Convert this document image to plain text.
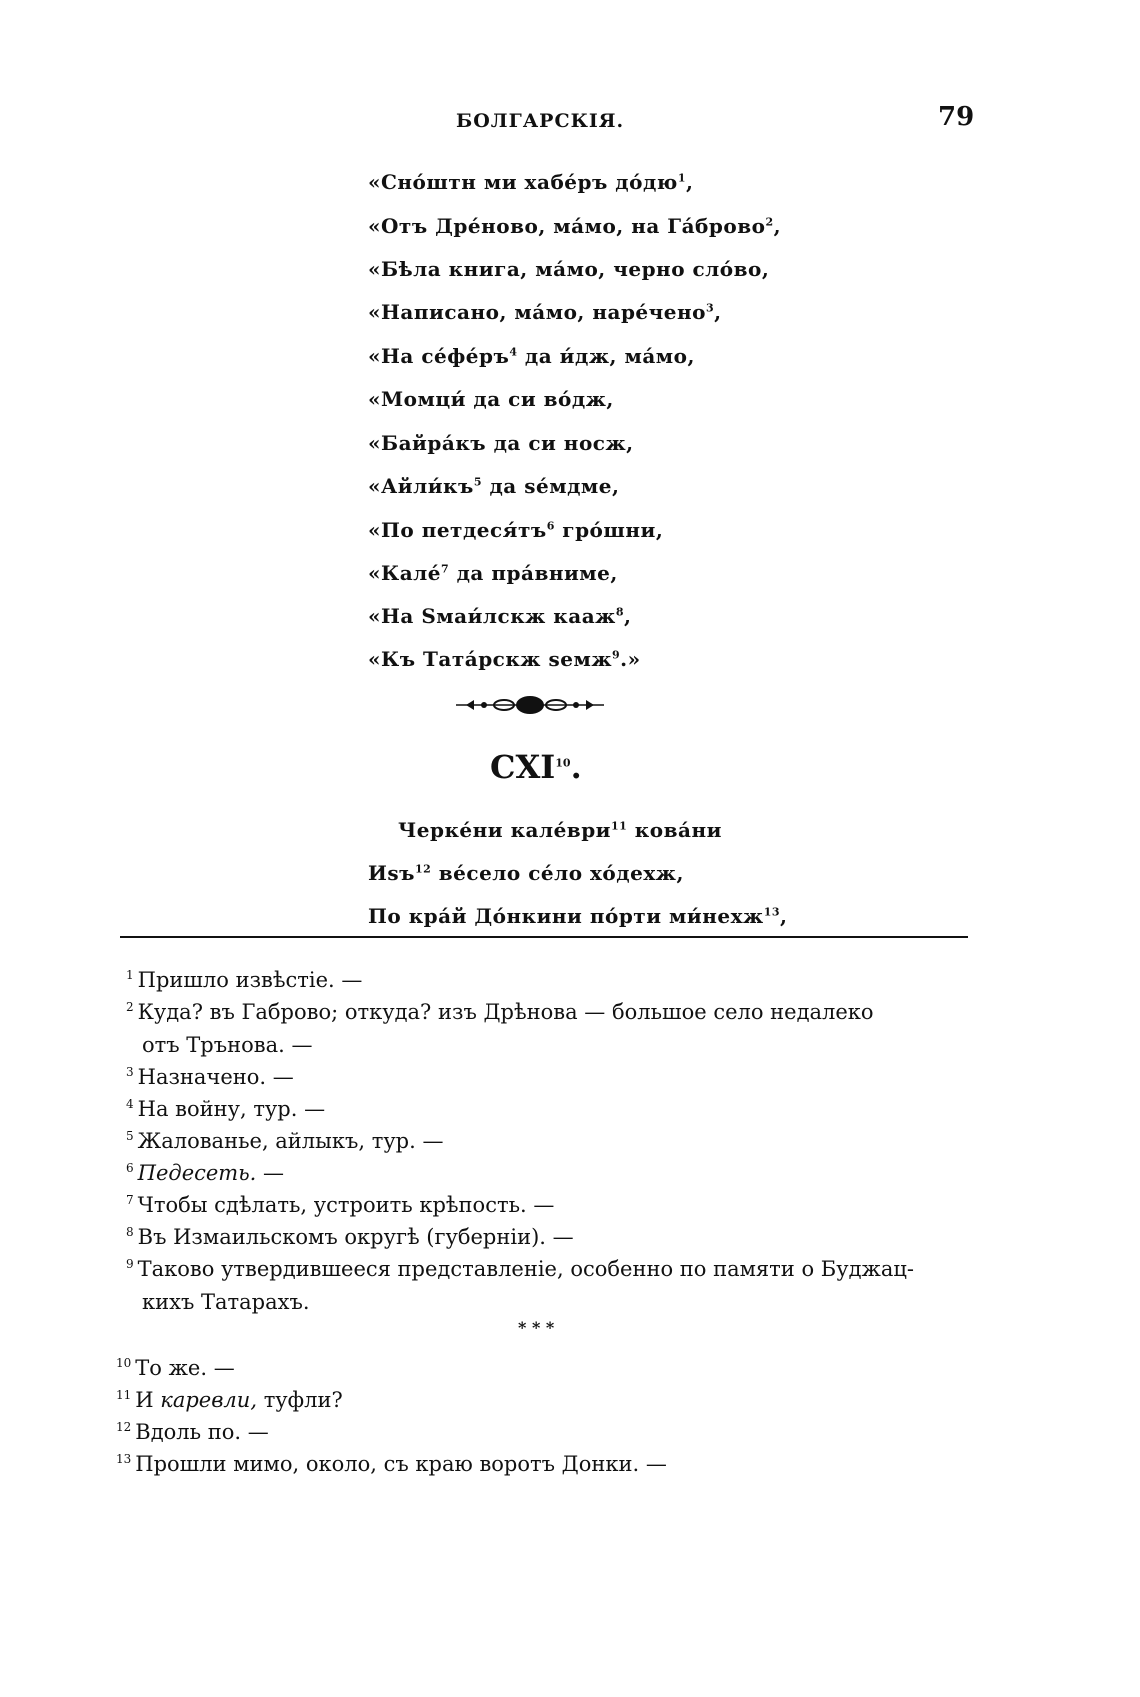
БОЛГАРСКІЯ.	79
«Сно́штн ми хабе́ръ $до́дю^1$,
«Отъ Дре́ново, ма́мо, на Га́брово$^2$,
«Бѣла книга, ма́мо, черно сло́во,
«Написано, ма́мо, наре́чено$^3$,
«На $се́фе́ръ^4$ да и́дж, ма́мо,
«Момци́ да си во́дж,
«Байра́къ да си носж,
«$Айли́къ^5$ да ѕе́мдме,
«По $петдеся́тъ^6$ гро́шни,
«Кале́$^7$ да пра́вниме,
«На Ѕмаи́лскж кааж$^8$,
«Къ Тата́рскж ѕемж$^9$.»
СXI$^{10}$.
Черке́ни кале́ври$^{11}$ кова́ни
Иѕъ$^{12}$ ве́село се́ло хо́дехж,
По кра́й До́нкини по́рти ми́нехж$^{13}$,
$^1$ Пришло извѣстіе. —
$^2$ Куда? въ Габрово; откуда? изъ Дрѣнова — большое село недалеко
отъ Трънова. —
$^3$ Назначено. —
$^4$ На войну, тур. —
$^5$ Жалованье, айлыкъ, тур. —
$^6$ Педесеть. —
$^7$ Чтобы сдѣлать, устроить крѣпость. —
$^8$ Въ Измаильскомъ округѣ (губерніи). —
$^9$ Таково утвердившееся представленіе, особенно по памяти о Буджац-
кихъ Татарахъ.
* * *
$^{10}$ То же. —
$^{11}$ И каревли, туфли?
$^{12}$ Вдоль по. —
$^{13}$ Прошли мимо, около, съ краю воротъ Донки. —
